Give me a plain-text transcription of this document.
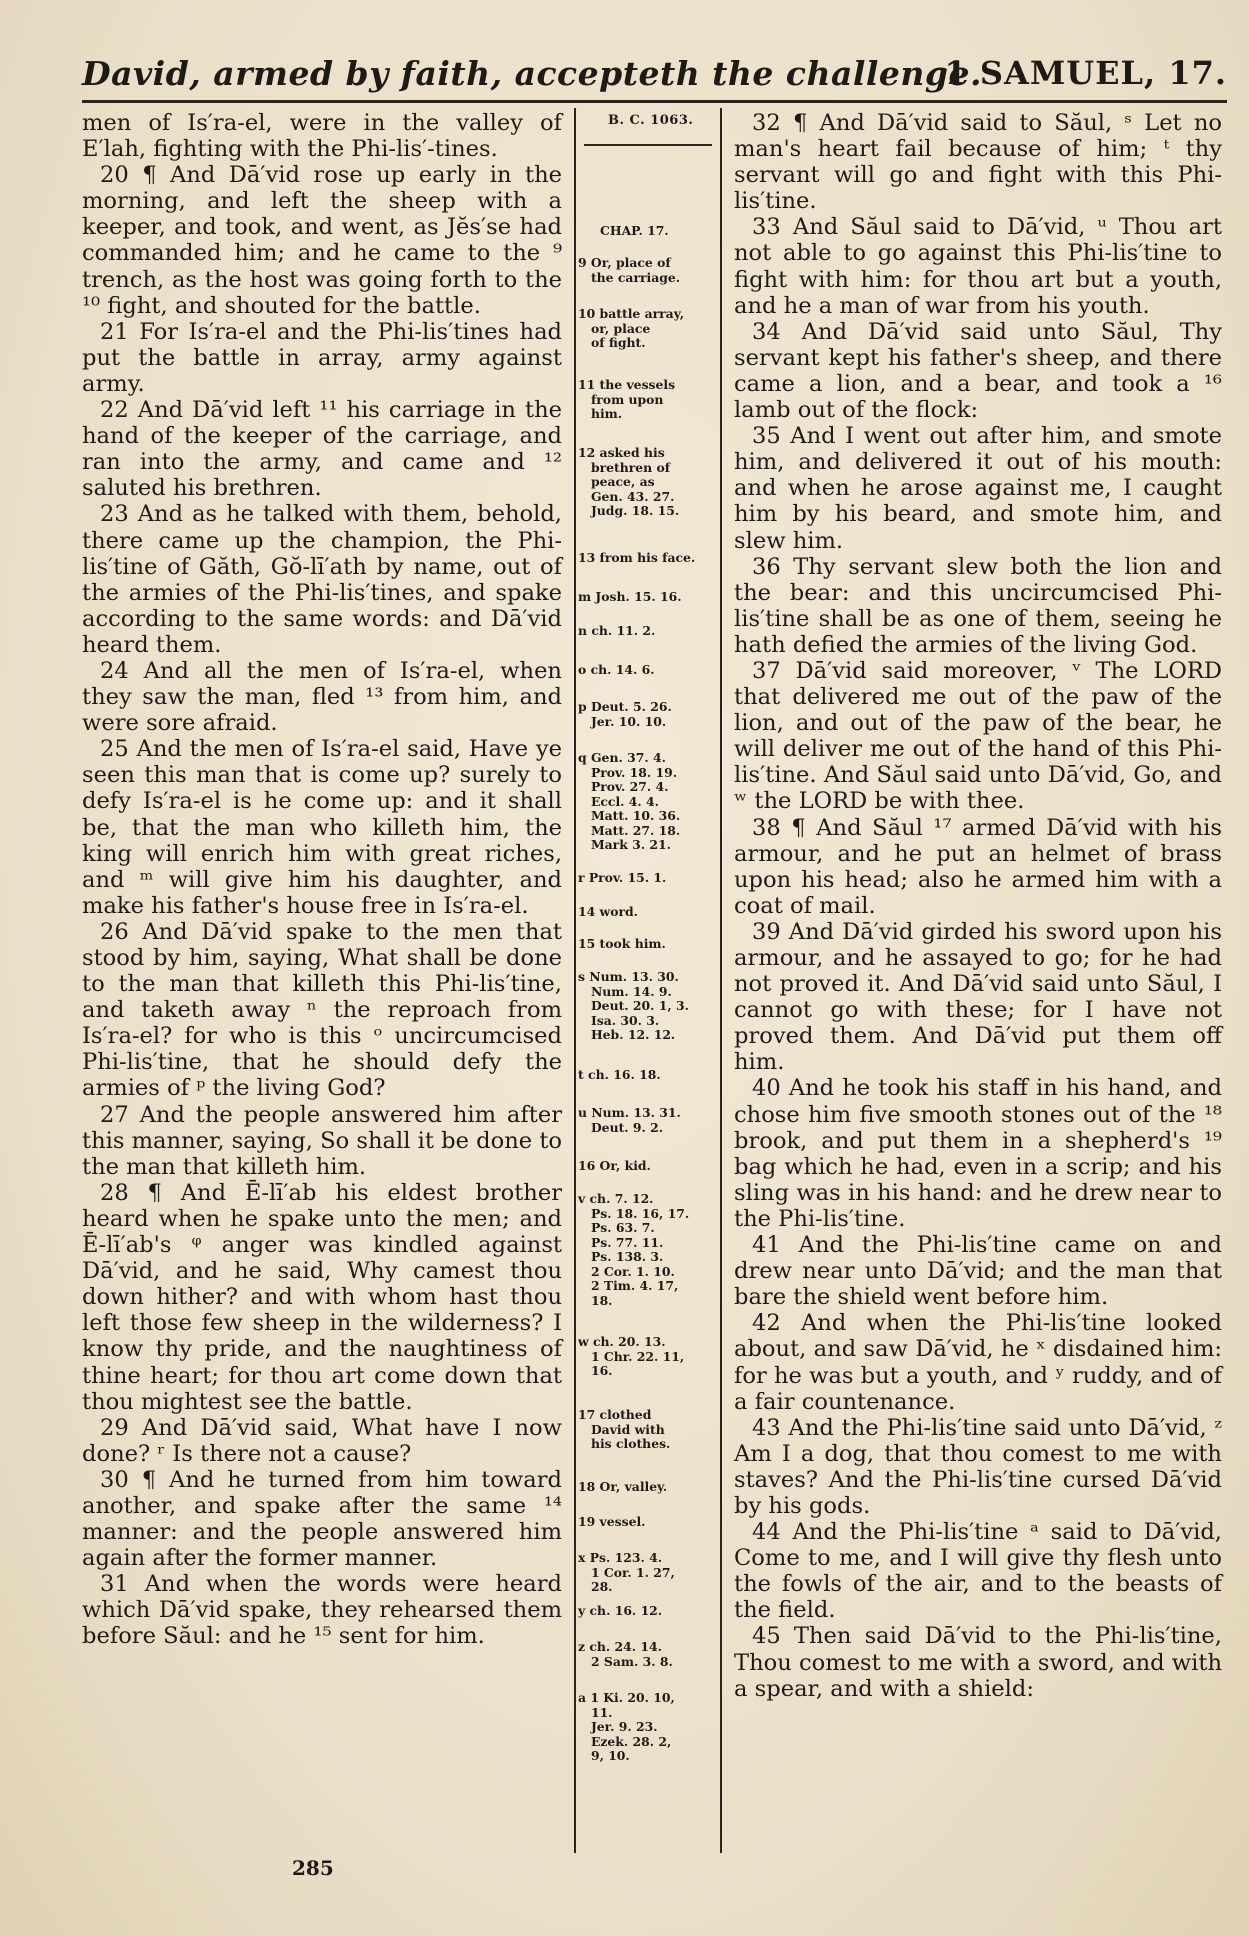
David, armed by faith, accepteth the challenge.
1 SAMUEL, 17.

men of Is′ra-el, were in the valley of E′lah, fighting with the Phi-lis′-tines.

20 ¶ And Dā′vid rose up early in the morning, and left the sheep with a keeper, and took, and went, as Jĕs′se had commanded him; and he came to the ⁹ trench, as the host was going forth to the ¹⁰ fight, and shouted for the battle.

21 For Is′ra-el and the Phi-lis′tines had put the battle in array, army against army.

22 And Dā′vid left ¹¹ his carriage in the hand of the keeper of the carriage, and ran into the army, and came and ¹² saluted his brethren.

23 And as he talked with them, behold, there came up the champion, the Phi-lis′tine of Găth, Gŏ-lī′ath by name, out of the armies of the Phi-lis′tines, and spake according to the same words: and Dā′vid heard them.

24 And all the men of Is′ra-el, when they saw the man, fled ¹³ from him, and were sore afraid.

25 And the men of Is′ra-el said, Have ye seen this man that is come up? surely to defy Is′ra-el is he come up: and it shall be, that the man who killeth him, the king will enrich him with great riches, and ᵐ will give him his daughter, and make his father's house free in Is′ra-el.

26 And Dā′vid spake to the men that stood by him, saying, What shall be done to the man that killeth this Phi-lis′tine, and taketh away ⁿ the reproach from Is′ra-el? for who is this ᵒ uncircumcised Phi-lis′tine, that he should defy the armies of ᵖ the living God?

27 And the people answered him after this manner, saying, So shall it be done to the man that killeth him.

28 ¶ And Ē-lī′ab his eldest brother heard when he spake unto the men; and Ē-lī′ab's ᵠ anger was kindled against Dā′vid, and he said, Why camest thou down hither? and with whom hast thou left those few sheep in the wilderness? I know thy pride, and the naughtiness of thine heart; for thou art come down that thou mightest see the battle.

29 And Dā′vid said, What have I now done? ʳ Is there not a cause?

30 ¶ And he turned from him toward another, and spake after the same ¹⁴ manner: and the people answered him again after the former manner.

31 And when the words were heard which Dā′vid spake, they rehearsed them before Săul: and he ¹⁵ sent for him.

B. C. 1063.
CHAP. 17.
9 Or, place of
the carriage.
10 battle array,
or, place
of fight.
11 the vessels
from upon
him.
12 asked his
brethren of
peace, as
Gen. 43. 27.
Judg. 18. 15.
13 from his face.
m Josh. 15. 16.
n ch. 11. 2.
o ch. 14. 6.
p Deut. 5. 26.
Jer. 10. 10.
q Gen. 37. 4.
Prov. 18. 19.
Prov. 27. 4.
Eccl. 4. 4.
Matt. 10. 36.
Matt. 27. 18.
Mark 3. 21.
r Prov. 15. 1.
14 word.
15 took him.
s Num. 13. 30.
Num. 14. 9.
Deut. 20. 1, 3.
Isa. 30. 3.
Heb. 12. 12.
t ch. 16. 18.
u Num. 13. 31.
Deut. 9. 2.
16 Or, kid.
v ch. 7. 12.
Ps. 18. 16, 17.
Ps. 63. 7.
Ps. 77. 11.
Ps. 138. 3.
2 Cor. 1. 10.
2 Tim. 4. 17,
18.
w ch. 20. 13.
1 Chr. 22. 11,
16.
17 clothed
David with
his clothes.
18 Or, valley.
19 vessel.
x Ps. 123. 4.
1 Cor. 1. 27,
28.
y ch. 16. 12.
z ch. 24. 14.
2 Sam. 3. 8.
a 1 Ki. 20. 10,
11.
Jer. 9. 23.
Ezek. 28. 2,
9, 10.

32 ¶ And Dā′vid said to Săul, ˢ Let no man's heart fail because of him; ᵗ thy servant will go and fight with this Phi-lis′tine.

33 And Săul said to Dā′vid, ᵘ Thou art not able to go against this Phi-lis′tine to fight with him: for thou art but a youth, and he a man of war from his youth.

34 And Dā′vid said unto Săul, Thy servant kept his father's sheep, and there came a lion, and a bear, and took a ¹⁶ lamb out of the flock:

35 And I went out after him, and smote him, and delivered it out of his mouth: and when he arose against me, I caught him by his beard, and smote him, and slew him.

36 Thy servant slew both the lion and the bear: and this uncircumcised Phi-lis′tine shall be as one of them, seeing he hath defied the armies of the living God.

37 Dā′vid said moreover, ᵛ The LORD that delivered me out of the paw of the lion, and out of the paw of the bear, he will deliver me out of the hand of this Phi-lis′tine. And Săul said unto Dā′vid, Go, and ʷ the LORD be with thee.

38 ¶ And Săul ¹⁷ armed Dā′vid with his armour, and he put an helmet of brass upon his head; also he armed him with a coat of mail.

39 And Dā′vid girded his sword upon his armour, and he assayed to go; for he had not proved it. And Dā′vid said unto Săul, I cannot go with these; for I have not proved them. And Dā′vid put them off him.

40 And he took his staff in his hand, and chose him five smooth stones out of the ¹⁸ brook, and put them in a shepherd's ¹⁹ bag which he had, even in a scrip; and his sling was in his hand: and he drew near to the Phi-lis′tine.

41 And the Phi-lis′tine came on and drew near unto Dā′vid; and the man that bare the shield went before him.

42 And when the Phi-lis′tine looked about, and saw Dā′vid, he ˣ disdained him: for he was but a youth, and ʸ ruddy, and of a fair countenance.

43 And the Phi-lis′tine said unto Dā′vid, ᶻ Am I a dog, that thou comest to me with staves? And the Phi-lis′tine cursed Dā′vid by his gods.

44 And the Phi-lis′tine ᵃ said to Dā′vid, Come to me, and I will give thy flesh unto the fowls of the air, and to the beasts of the field.

45 Then said Dā′vid to the Phi-lis′tine, Thou comest to me with a sword, and with a spear, and with a shield:

285
